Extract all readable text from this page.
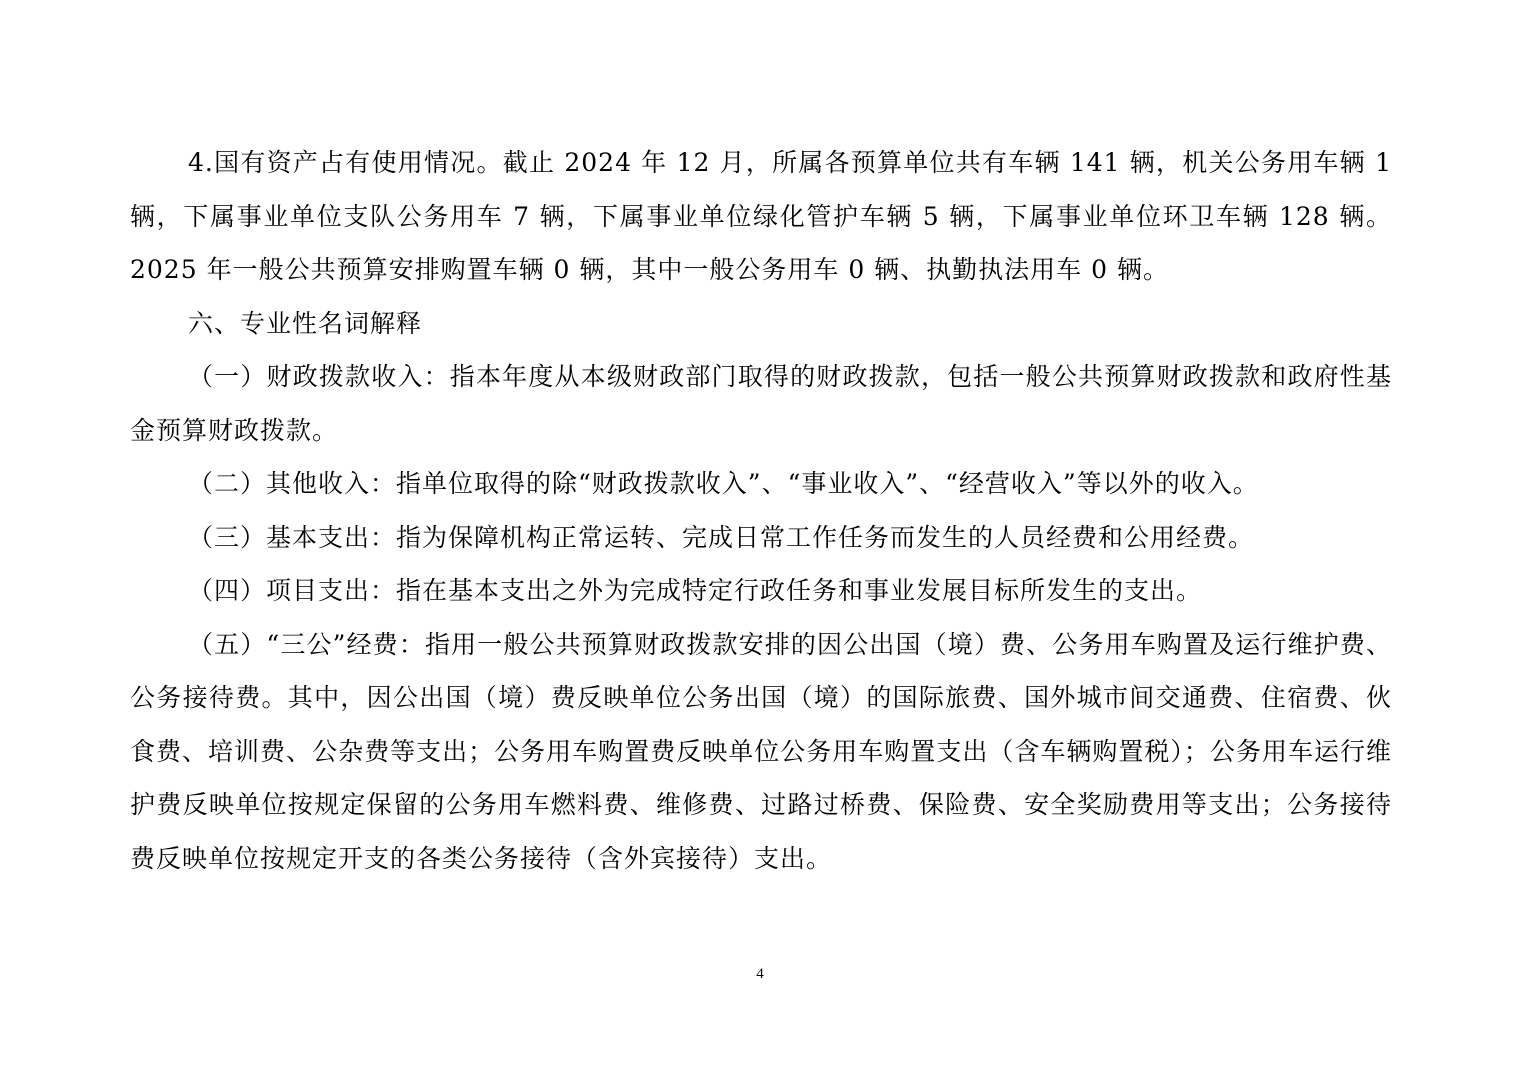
4.国有资产占有使用情况。截止 2024 年 12 月，所属各预算单位共有车辆 141 辆，机关公务用车辆 1 辆，下属事业单位支队公务用车 7 辆，下属事业单位绿化管护车辆 5 辆，下属事业单位环卫车辆 128 辆。2025 年一般公共预算安排购置车辆 0 辆，其中一般公务用车 0 辆、执勤执法用车 0 辆。

六、专业性名词解释

（一）财政拨款收入：指本年度从本级财政部门取得的财政拨款，包括一般公共预算财政拨款和政府性基金预算财政拨款。

（二）其他收入：指单位取得的除“财政拨款收入”、“事业收入”、“经营收入”等以外的收入。

（三）基本支出：指为保障机构正常运转、完成日常工作任务而发生的人员经费和公用经费。

（四）项目支出：指在基本支出之外为完成特定行政任务和事业发展目标所发生的支出。

（五）“三公”经费：指用一般公共预算财政拨款安排的因公出国（境）费、公务用车购置及运行维护费、公务接待费。其中，因公出国（境）费反映单位公务出国（境）的国际旅费、国外城市间交通费、住宿费、伙食费、培训费、公杂费等支出；公务用车购置费反映单位公务用车购置支出（含车辆购置税）；公务用车运行维护费反映单位按规定保留的公务用车燃料费、维修费、过路过桥费、保险费、安全奖励费用等支出；公务接待费反映单位按规定开支的各类公务接待（含外宾接待）支出。

4
